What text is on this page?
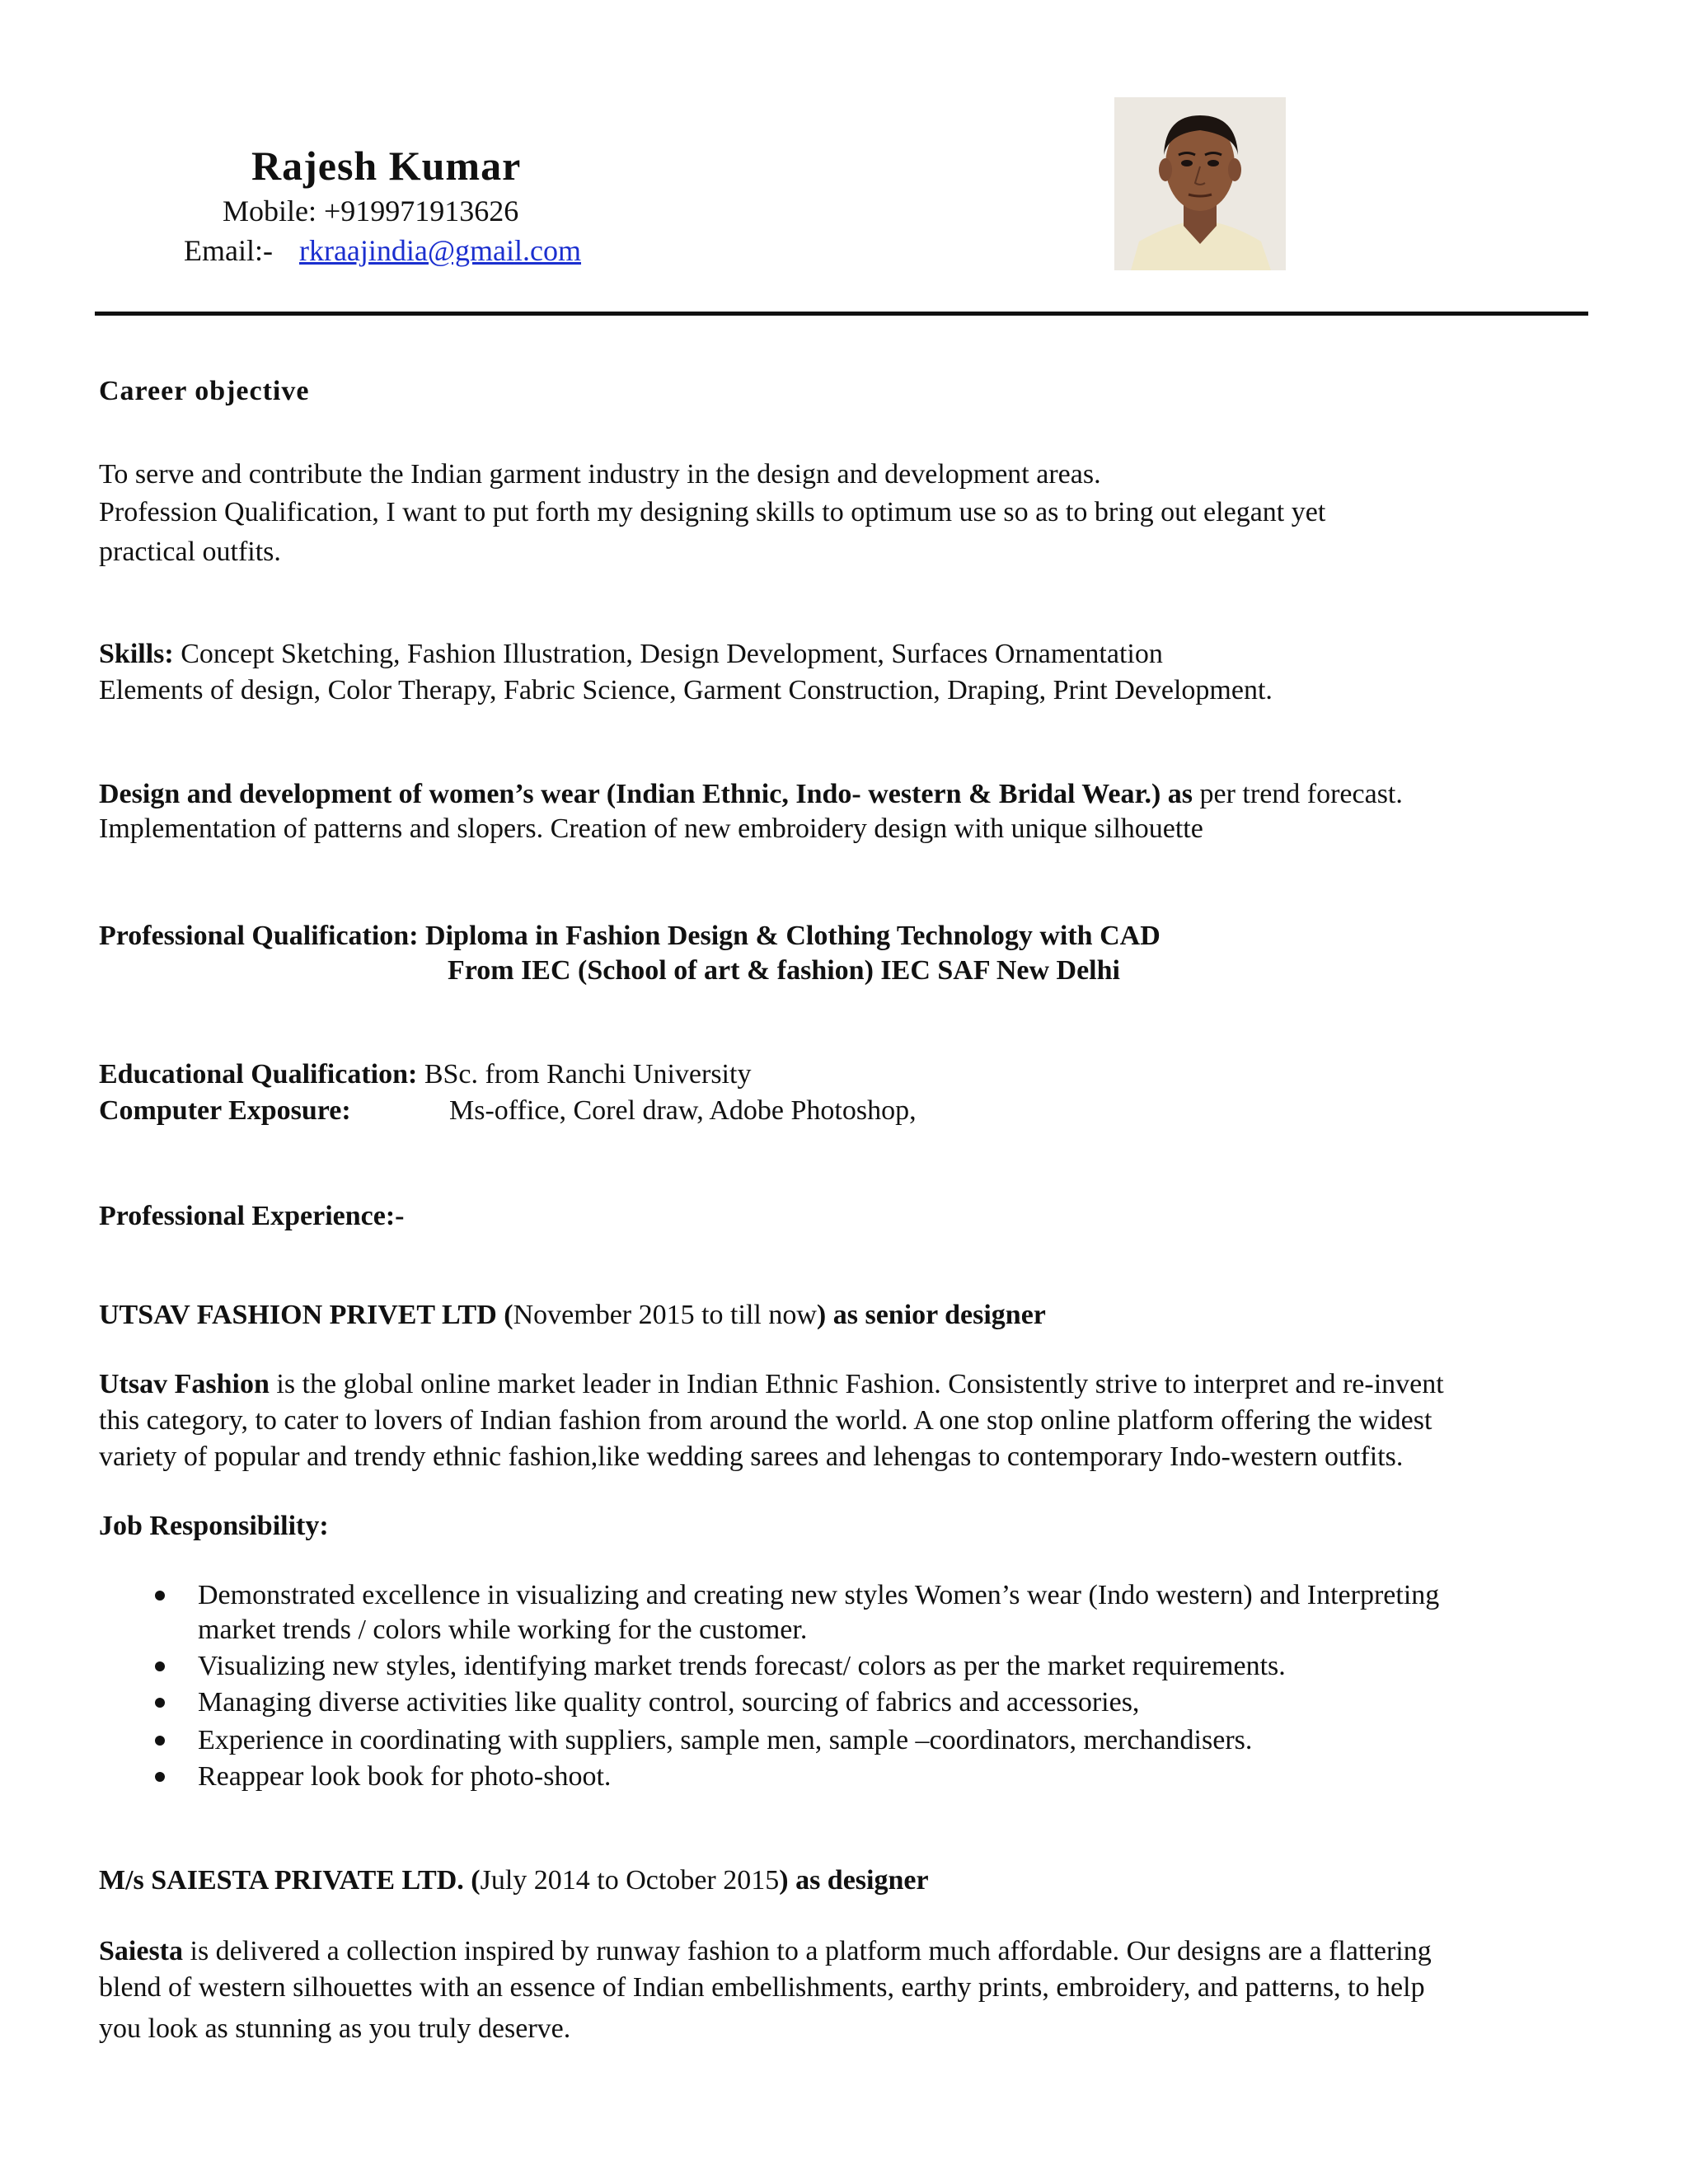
Rajesh Kumar
Mobile: +919971913626
Email:- rkraajindia@gmail.com
Career objective
To serve and contribute the Indian garment industry in the design and development areas.
Profession Qualification, I want to put forth my designing skills to optimum use so as to bring out elegant yet
practical outfits.
Skills: Concept Sketching, Fashion Illustration, Design Development, Surfaces Ornamentation
Elements of design, Color Therapy, Fabric Science, Garment Construction, Draping, Print Development.
Design and development of women’s wear (Indian Ethnic, Indo- western & Bridal Wear.) as per trend forecast.
Implementation of patterns and slopers. Creation of new embroidery design with unique silhouette
Professional Qualification: Diploma in Fashion Design & Clothing Technology with CAD
From IEC (School of art & fashion) IEC SAF New Delhi
Educational Qualification: BSc. from Ranchi University
Computer Exposure:	Ms-office, Corel draw, Adobe Photoshop,
Professional Experience:-
UTSAV FASHION PRIVET LTD (November 2015 to till now) as senior designer
Utsav Fashion is the global online market leader in Indian Ethnic Fashion. Consistently strive to interpret and re-invent
this category, to cater to lovers of Indian fashion from around the world. A one stop online platform offering the widest
variety of popular and trendy ethnic fashion,like wedding sarees and lehengas to contemporary Indo-western outfits.
Job Responsibility:
Demonstrated excellence in visualizing and creating new styles Women’s wear (Indo western) and Interpreting
market trends / colors while working for the customer.
Visualizing new styles, identifying market trends forecast/ colors as per the market requirements.
Managing diverse activities like quality control, sourcing of fabrics and accessories,
Experience in coordinating with suppliers, sample men, sample –coordinators, merchandisers.
Reappear look book for photo-shoot.
M/s SAIESTA PRIVATE LTD. (July 2014 to October 2015) as designer
Saiesta is delivered a collection inspired by runway fashion to a platform much affordable. Our designs are a flattering
blend of western silhouettes with an essence of Indian embellishments, earthy prints, embroidery, and patterns, to help
you look as stunning as you truly deserve.
